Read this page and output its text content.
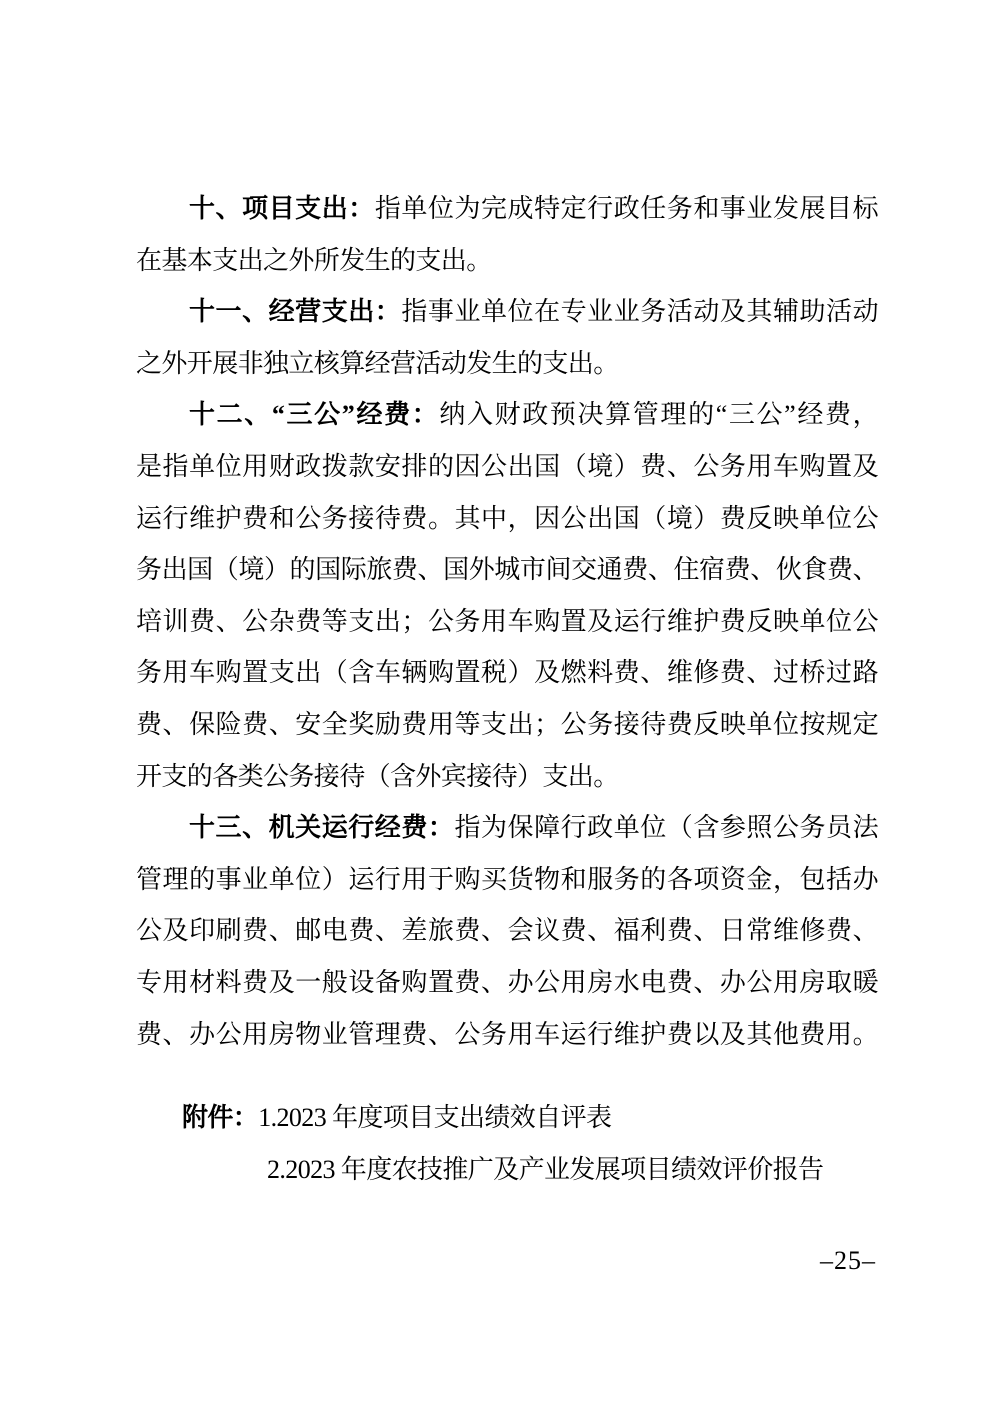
十、项目支出：指单位为完成特定行政任务和事业发展目标
在基本支出之外所发生的支出。
十一、经营支出：指事业单位在专业业务活动及其辅助活动
之外开展非独立核算经营活动发生的支出。
十二、“三公”经费：纳入财政预决算管理的“三公”经费，
是指单位用财政拨款安排的因公出国（境）费、公务用车购置及
运行维护费和公务接待费。其中，因公出国（境）费反映单位公
务出国（境）的国际旅费、国外城市间交通费、住宿费、伙食费、
培训费、公杂费等支出；公务用车购置及运行维护费反映单位公
务用车购置支出（含车辆购置税）及燃料费、维修费、过桥过路
费、保险费、安全奖励费用等支出；公务接待费反映单位按规定
开支的各类公务接待（含外宾接待）支出。
十三、机关运行经费：指为保障行政单位（含参照公务员法
管理的事业单位）运行用于购买货物和服务的各项资金，包括办
公及印刷费、邮电费、差旅费、会议费、福利费、日常维修费、
专用材料费及一般设备购置费、办公用房水电费、办公用房取暖
费、办公用房物业管理费、公务用车运行维护费以及其他费用。
附件：1.2023 年度项目支出绩效自评表
2.2023 年度农技推广及产业发展项目绩效评价报告
–25–
